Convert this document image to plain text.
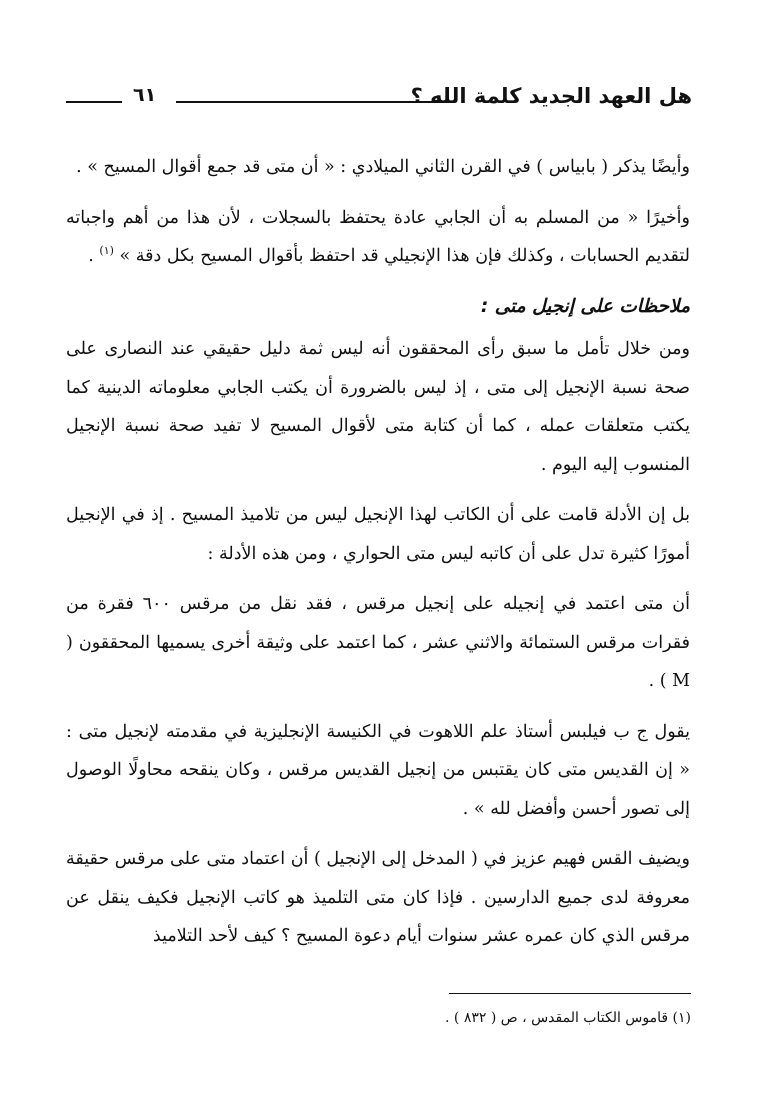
هل العهد الجديد كلمة الله ؟
٦١

وأيضًا يذكر ( بابياس ) في القرن الثاني الميلادي : « أن متى قد جمع أقوال المسيح » .

وأخيرًا « من المسلم به أن الجابي عادة يحتفظ بالسجلات ، لأن هذا من أهم واجباته لتقديم الحسابات ، وكذلك فإن هذا الإنجيلي قد احتفظ بأقوال المسيح بكل دقة » $^{(١)}$ .

ملاحظات على إنجيل متى :

ومن خلال تأمل ما سبق رأى المحققون أنه ليس ثمة دليل حقيقي عند النصارى على صحة نسبة الإنجيل إلى متى ، إذ ليس بالضرورة أن يكتب الجابي معلوماته الدينية كما يكتب متعلقات عمله ، كما أن كتابة متى لأقوال المسيح لا تفيد صحة نسبة الإنجيل المنسوب إليه اليوم .

بل إن الأدلة قامت على أن الكاتب لهذا الإنجيل ليس من تلاميذ المسيح . إذ في الإنجيل أمورًا كثيرة تدل على أن كاتبه ليس متى الحواري ، ومن هذه الأدلة :

أن متى اعتمد في إنجيله على إنجيل مرقس ، فقد نقل من مرقس ٦٠٠ فقرة من فقرات مرقس الستمائة والاثني عشر ، كما اعتمد على وثيقة أخرى يسميها المحققون ( M ) .

يقول ج ب فيلبس أستاذ علم اللاهوت في الكنيسة الإنجليزية في مقدمته لإنجيل متى : « إن القديس متى كان يقتبس من إنجيل القديس مرقس ، وكان ينقحه محاولًا الوصول إلى تصور أحسن وأفضل لله » .

ويضيف القس فهيم عزيز في ( المدخل إلى الإنجيل ) أن اعتماد متى على مرقس حقيقة معروفة لدى جميع الدارسين . فإذا كان متى التلميذ هو كاتب الإنجيل فكيف ينقل عن مرقس الذي كان عمره عشر سنوات أيام دعوة المسيح ؟ كيف لأحد التلاميذ

(١) قاموس الكتاب المقدس ، ص ( ٨٣٢ ) .
